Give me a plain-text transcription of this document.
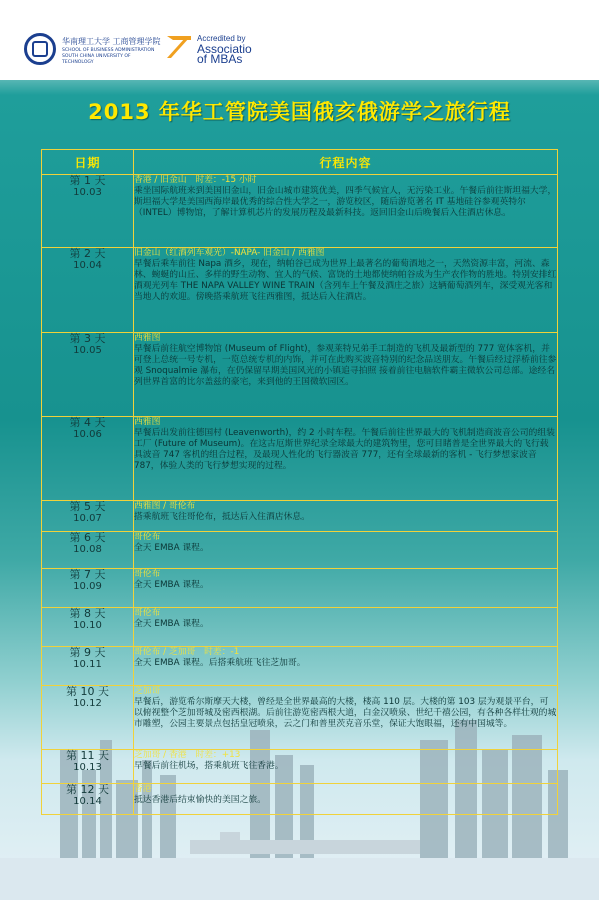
华南理工大学 工商管理学院
SCHOOL OF BUSINESS ADMINISTRATION SOUTH CHINA UNIVERSITY OF TECHNOLOGY
Accredited by
Associatio
of MBAs
2013 年华工管院美国俄亥俄游学之旅行程
日期	行程内容

第 1 天
10.03	香港 / 旧金山　时差：-15 小时
乘坐国际航班来到美国旧金山，旧金山城市建筑优美，四季气候宜人，无污染工业。午餐后前往斯坦福大学，斯坦福大学是美国西海岸最优秀的综合性大学之一，游览校区，随后游览著名 IT 基地硅谷参观英特尔（INTEL）博物馆，了解计算机芯片的发展历程及最新科技。返回旧金山后晚餐后入住酒店休息。

第 2 天
10.04	旧金山（红酒列车观光）-NAPA- 旧金山 / 西雅图
早餐后乘车前往 Napa 酒乡，现在，纳帕谷已成为世界上最著名的葡萄酒地之一，天然资源丰富，河流、森林、蜿蜒的山丘、多样的野生动物、宜人的气候、富饶的土地都使纳帕谷成为生产农作物的胜地。特别安排红酒观光列车 THE NAPA VALLEY WINE TRAIN（含列车上午餐及酒庄之旅）这辆葡萄酒列车，深受观光客和当地人的欢迎。傍晚搭乘航班飞往西雅图，抵达后入住酒店。

第 3 天
10.05	西雅图
早餐后前往航空博物馆 (Museum of Flight)，参观莱特兄弟手工制造的飞机及最新型的 777 宽体客机，并可登上总统一号专机，一览总统专机的内饰，并可在此购买波音特别的纪念品送朋友。午餐后经过浮桥前往参观 Snoqualmie 瀑布，在仍保留早期美国风光的小镇追寻拍照 接着前往电脑软件霸主微软公司总部。途经名列世界首富的比尔盖兹的豪宅，来到他的王国微软园区。

第 4 天
10.06	西雅图
早餐后出发前往德国村 (Leavenworth)，约 2 小时车程。午餐后前往世界最大的飞机制造商波音公司的组装工厂 (Future of Museum)。在这古厄斯世界纪录全球最大的建筑物里，您可目睹普是全世界最大的飞行载具波音 747 客机的组合过程，及最现人性化的飞行器波音 777，还有全球最新的客机 - 飞行梦想家波音 787，体验人类的飞行梦想实现的过程。

第 5 天
10.07	西雅图 / 哥伦布
搭乘航班飞往哥伦布，抵达后入住酒店休息。

第 6 天
10.08	哥伦布
全天 EMBA 课程。

第 7 天
10.09	哥伦布
全天 EMBA 课程。

第 8 天
10.10	哥伦布
全天 EMBA 课程。

第 9 天
10.11	哥伦布 / 芝加哥　时差：-1
全天 EMBA 课程。后搭乘航班飞往芝加哥。

第 10 天
10.12	芝加哥
早餐后，游览希尔斯摩天大楼，曾经是全世界最高的大楼，楼高 110 层。大楼的第 103 层为观景平台，可以俯视整个芝加哥城及密西根湖。后前往游览密西根大道，白金汉喷泉、世纪千禧公园，有各种各样壮观的城市雕塑，公园主要景点包括皇冠喷泉，云之门和普里茨克音乐堂，保证大饱眼福，还有中国城等。

第 11 天
10.13	芝加哥 / 香港　时差：+13
早餐后前往机场，搭乘航班飞往香港。

第 12 天
10.14	香港
抵达香港后结束愉快的美国之旅。
